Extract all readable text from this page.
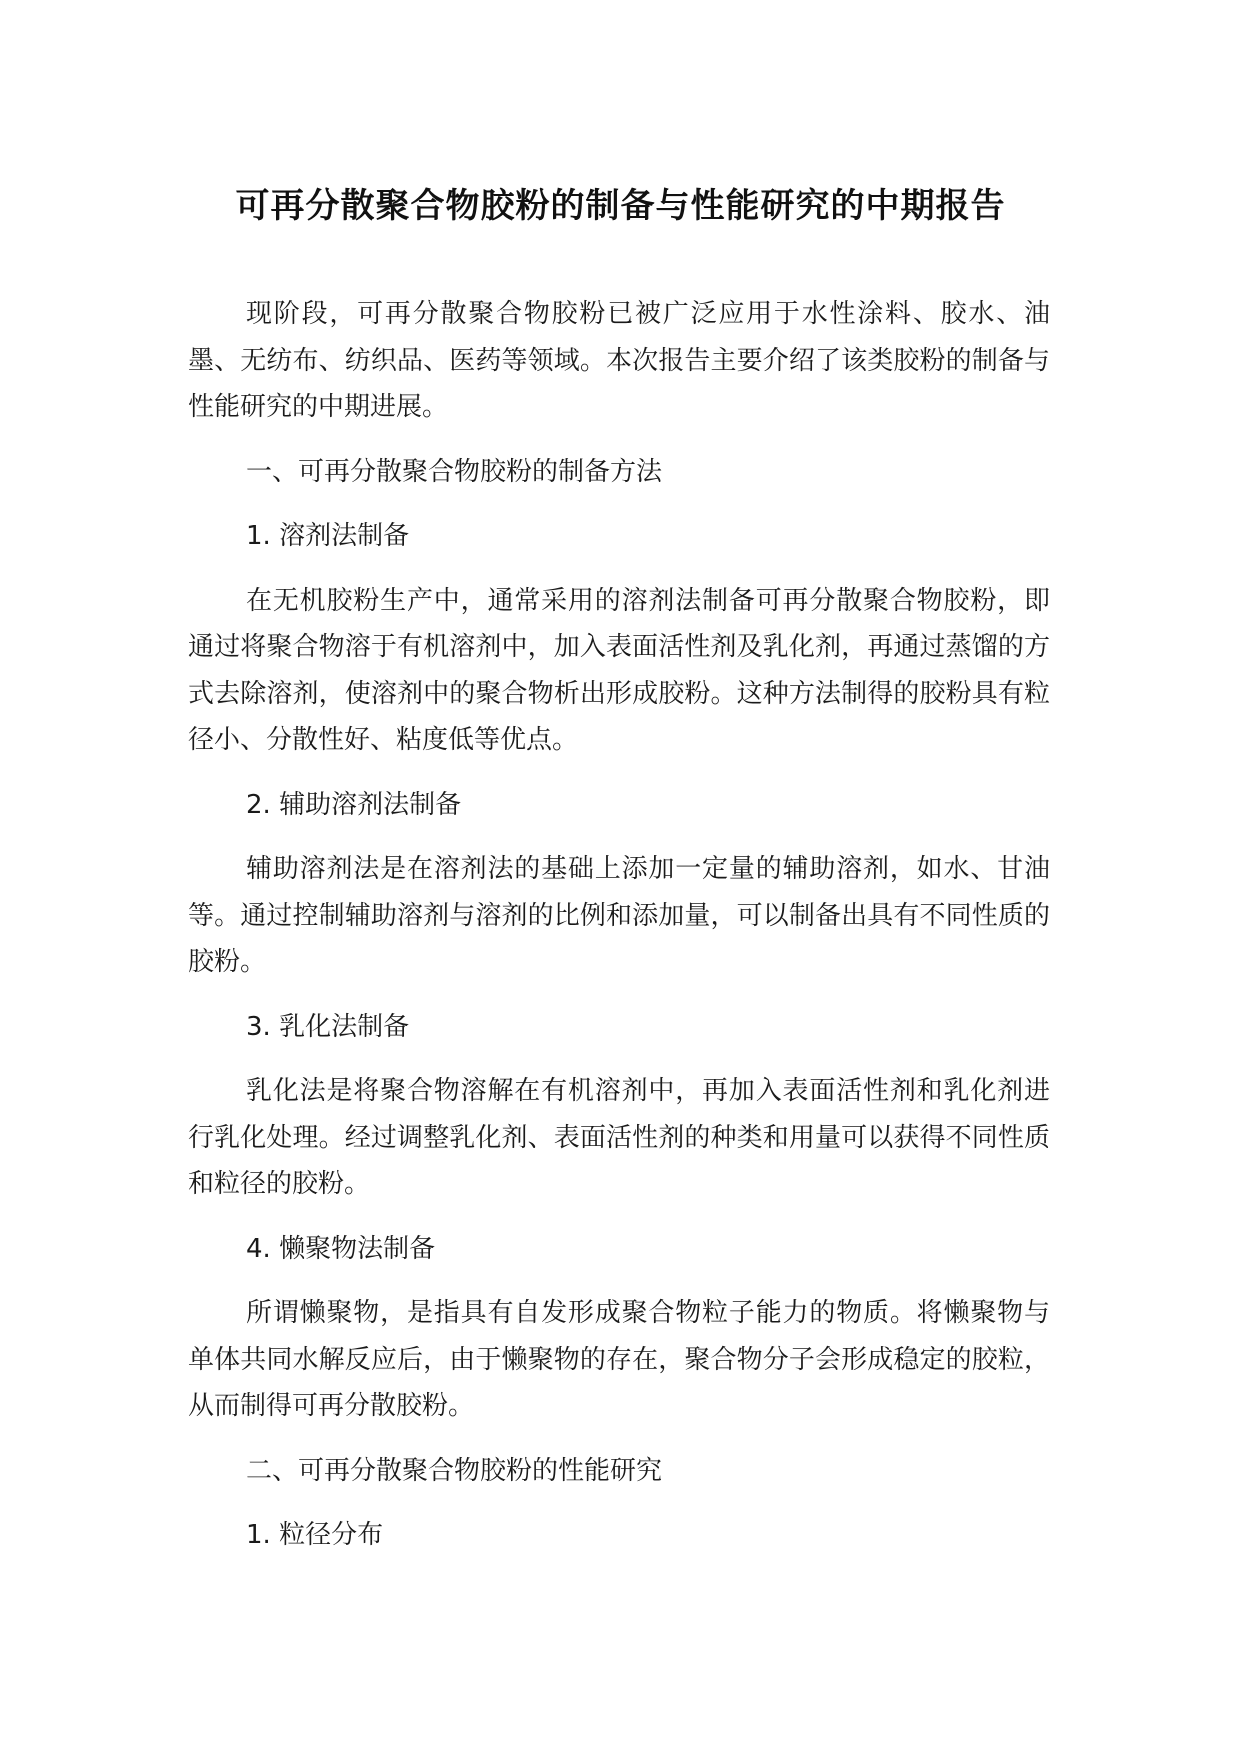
可再分散聚合物胶粉的制备与性能研究的中期报告

现阶段，可再分散聚合物胶粉已被广泛应用于水性涂料、胶水、油墨、无纺布、纺织品、医药等领域。本次报告主要介绍了该类胶粉的制备与性能研究的中期进展。

一、可再分散聚合物胶粉的制备方法

1. 溶剂法制备

在无机胶粉生产中，通常采用的溶剂法制备可再分散聚合物胶粉，即通过将聚合物溶于有机溶剂中，加入表面活性剂及乳化剂，再通过蒸馏的方式去除溶剂，使溶剂中的聚合物析出形成胶粉。这种方法制得的胶粉具有粒径小、分散性好、粘度低等优点。

2. 辅助溶剂法制备

辅助溶剂法是在溶剂法的基础上添加一定量的辅助溶剂，如水、甘油等。通过控制辅助溶剂与溶剂的比例和添加量，可以制备出具有不同性质的胶粉。

3. 乳化法制备

乳化法是将聚合物溶解在有机溶剂中，再加入表面活性剂和乳化剂进行乳化处理。经过调整乳化剂、表面活性剂的种类和用量可以获得不同性质和粒径的胶粉。

4. 懒聚物法制备

所谓懒聚物，是指具有自发形成聚合物粒子能力的物质。将懒聚物与单体共同水解反应后，由于懒聚物的存在，聚合物分子会形成稳定的胶粒，从而制得可再分散胶粉。

二、可再分散聚合物胶粉的性能研究

1. 粒径分布
